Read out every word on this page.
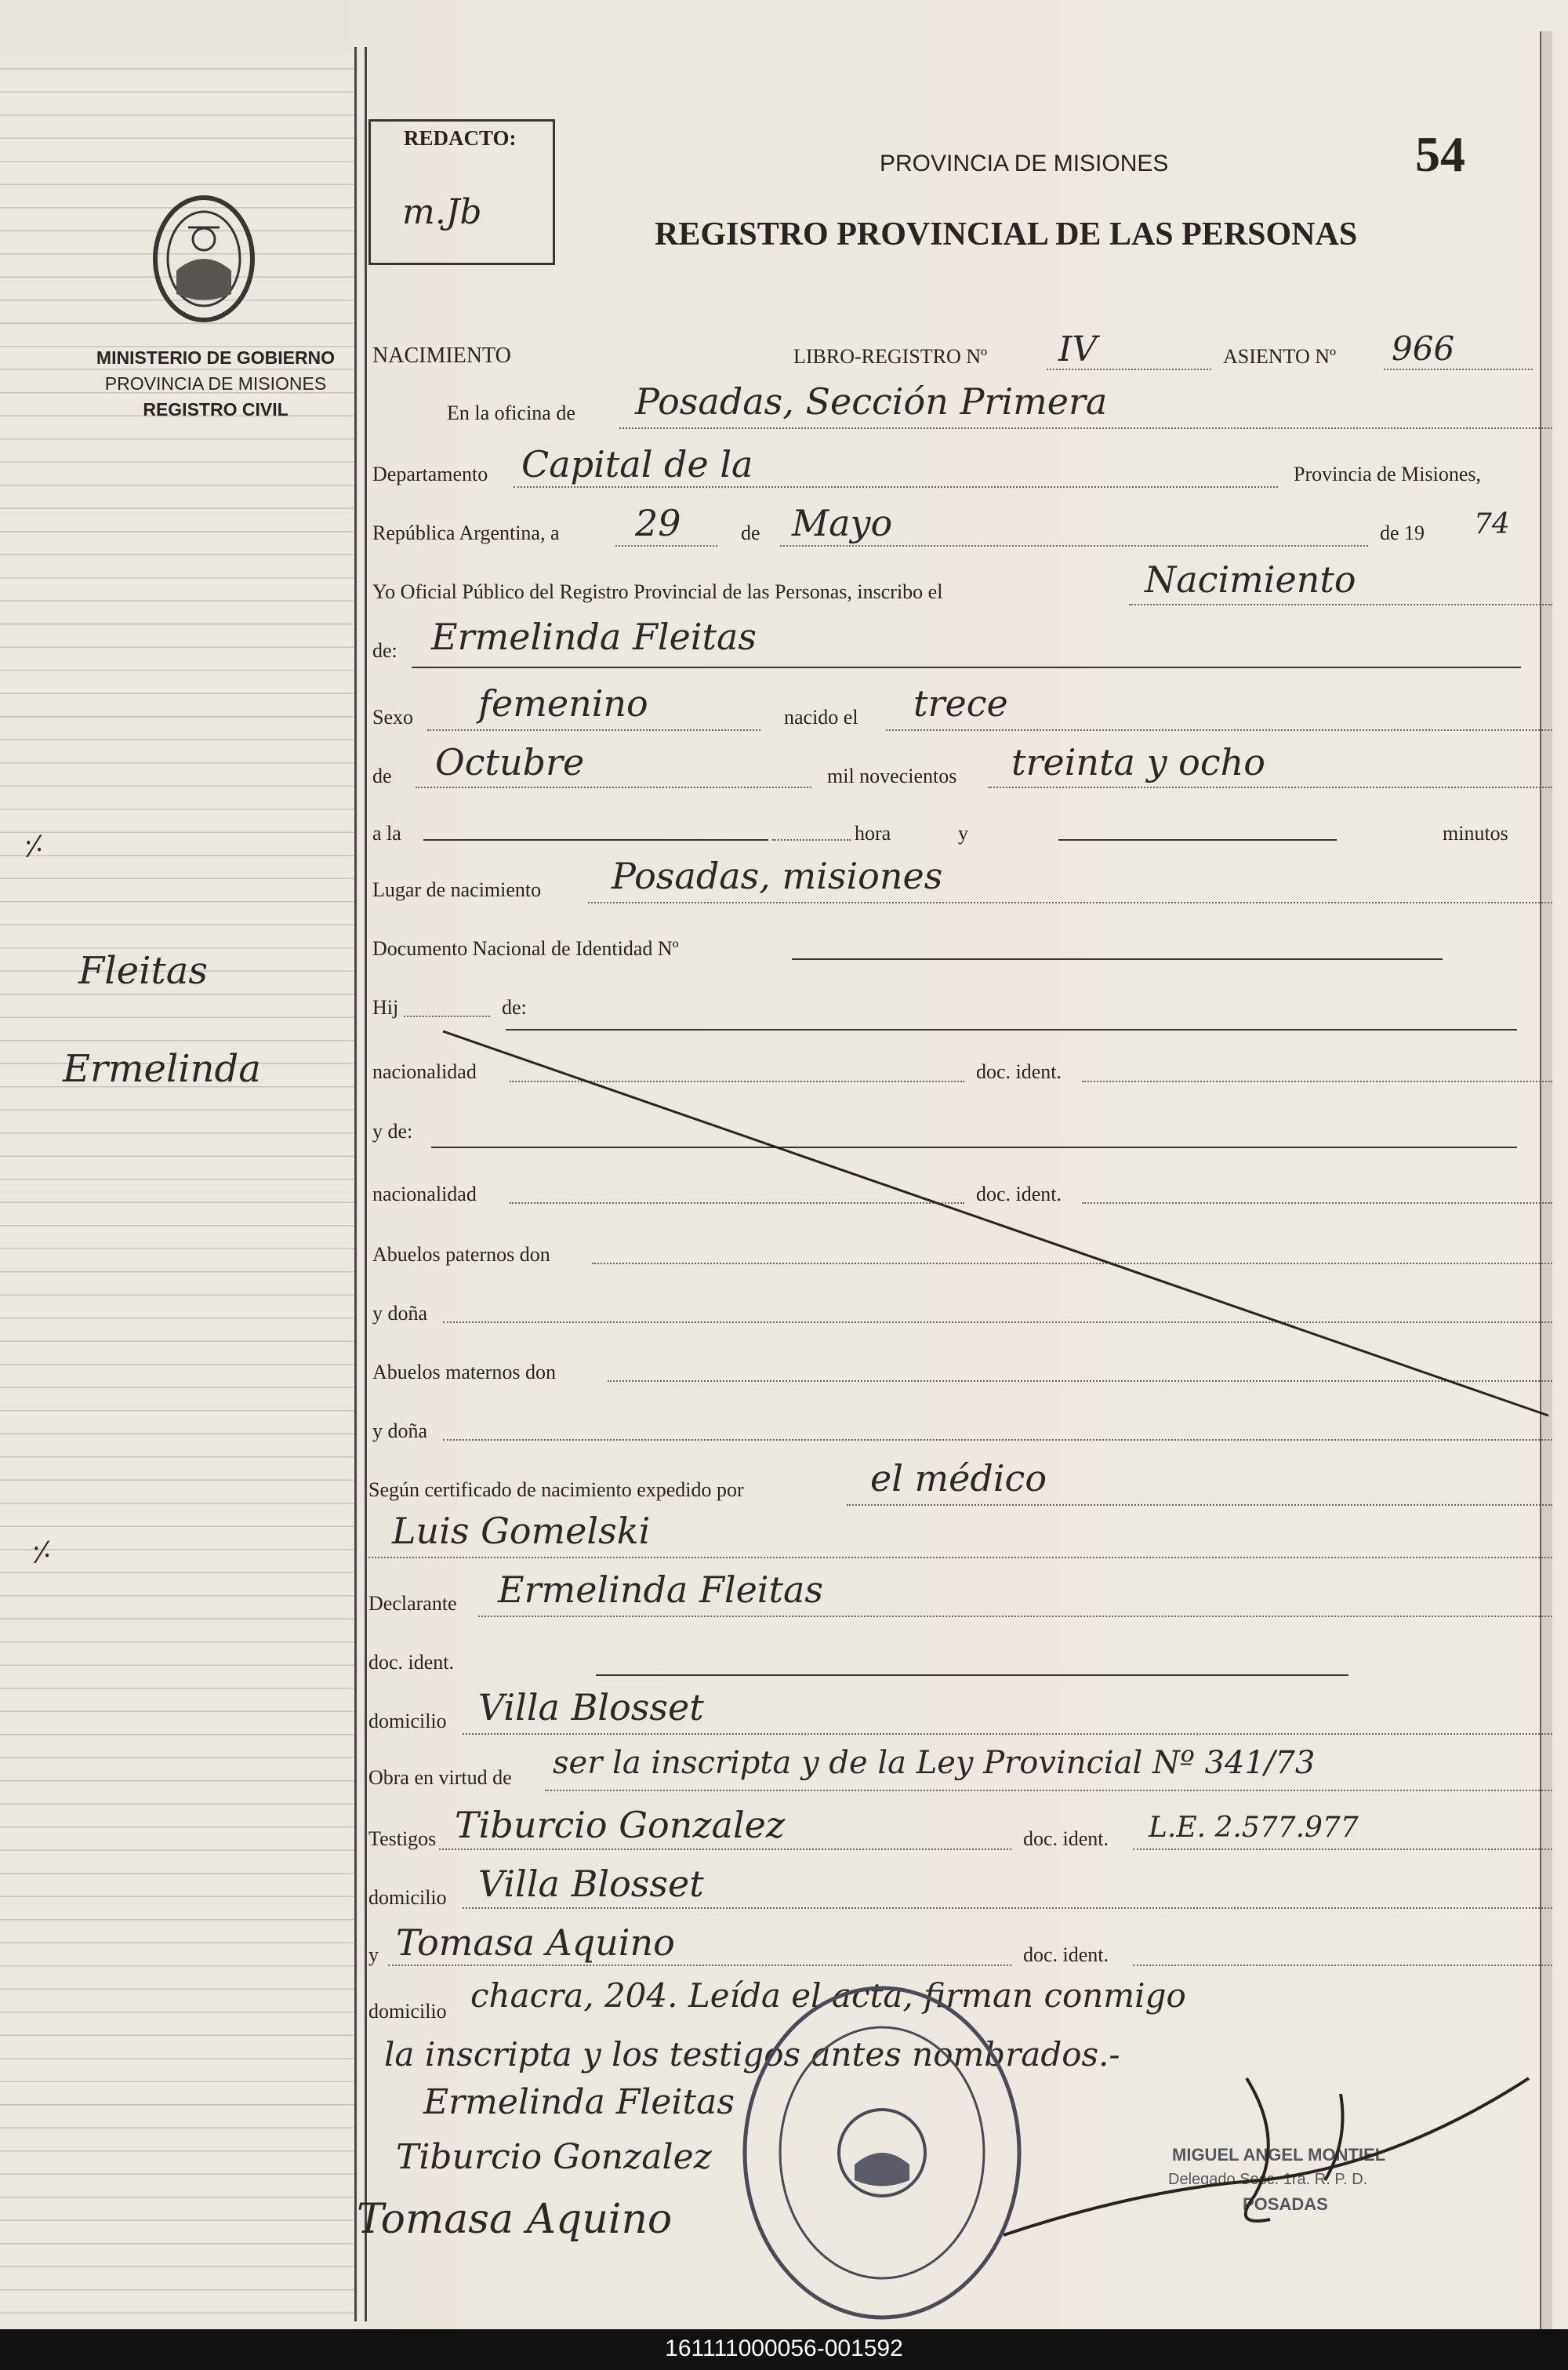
MINISTERIO DE GOBIERNO
PROVINCIA DE MISIONES
REGISTRO CIVIL
Fleitas
Ermelinda
⸓
⸓
REDACTO:
m.Jb
PROVINCIA DE MISIONES
REGISTRO PROVINCIAL DE LAS PERSONAS
54
NACIMIENTO	LIBRO-REGISTRO Nº IV	ASIENTO Nº 966
En la oficina de Posadas, Sección Primera
Departamento Capital de la	Provincia de Misiones,
República Argentina, a 29	de Mayo	de 19 74
Yo Oficial Público del Registro Provincial de las Personas, inscribo el	Nacimiento
de: Ermelinda Fleitas
Sexo femenino	nacido el trece
de Octubre	mil novecientos treinta y ocho
a la	hora	y	minutos
Lugar de nacimiento Posadas, misiones
Documento Nacional de Identidad Nº
Hij	de:
nacionalidad	doc. ident.
y de:
nacionalidad	doc. ident.
Abuelos paternos don
y doña
Abuelos maternos don
y doña
Según certificado de nacimiento expedido por	el médico
Luis Gomelski
Declarante Ermelinda Fleitas
doc. ident.
domicilio Villa Blosset
Obra en virtud de ser la inscripta y de la Ley Provincial Nº 341/73
Testigos Tiburcio Gonzalez	doc. ident. L.E. 2.577.977
domicilio Villa Blosset
y Tomasa Aquino	doc. ident.
domicilio chacra, 204. Leída el acta, firman conmigo
la inscripta y los testigos antes nombrados.-
Ermelinda Fleitas
Tiburcio Gonzalez
Tomasa Aquino
MIGUEL ANGEL MONTIEL
Delegado Secc. 1ra. R. P. D.
POSADAS
161111000056-001592
